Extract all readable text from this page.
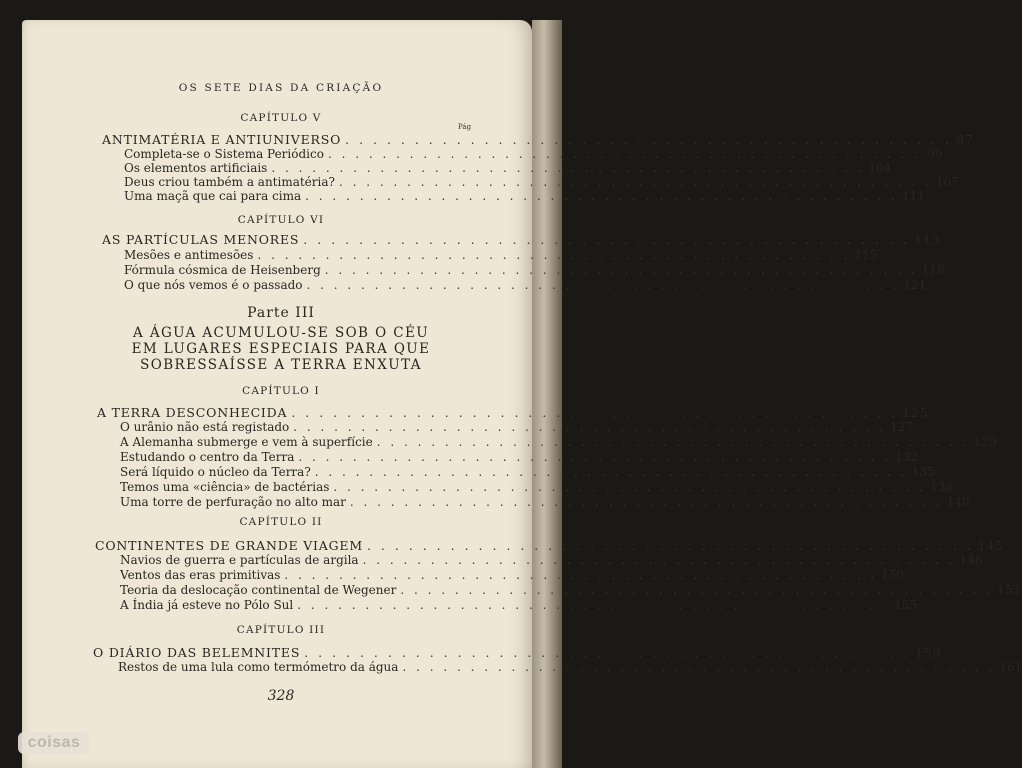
OS SETE DIAS DA CRIAÇÃO
Pág
CAPÍTULO V
ANTIMATÉRIA E ANTIUNIVERSO . . . . . . . . . . . . . . . . . . . . . . . . . . . . . . . . . . . . . . . . . . . . 97
Completa-se o Sistema Periódico . . . . . . . . . . . . . . . . . . . . . . . . . . . . . . . . . . . . . . . . . . . . 99
Os elementos artificiais . . . . . . . . . . . . . . . . . . . . . . . . . . . . . . . . . . . . . . . . . . . . 104
Deus criou também a antimatéria? . . . . . . . . . . . . . . . . . . . . . . . . . . . . . . . . . . . . . . . . . . . . 107
Uma maçã que cai para cima . . . . . . . . . . . . . . . . . . . . . . . . . . . . . . . . . . . . . . . . . . . . 111
CAPÍTULO VI
AS PARTÍCULAS MENORES . . . . . . . . . . . . . . . . . . . . . . . . . . . . . . . . . . . . . . . . . . . . 113
Mesões e antimesões . . . . . . . . . . . . . . . . . . . . . . . . . . . . . . . . . . . . . . . . . . . . 115
Fórmula cósmica de Heisenberg . . . . . . . . . . . . . . . . . . . . . . . . . . . . . . . . . . . . . . . . . . . . 118
O que nós vemos é o passado . . . . . . . . . . . . . . . . . . . . . . . . . . . . . . . . . . . . . . . . . . . . 121
Parte III
A ÁGUA ACUMULOU-SE SOB O CÉU
EM LUGARES ESPECIAIS PARA QUE
SOBRESSAÍSSE A TERRA ENXUTA
CAPÍTULO I
A TERRA DESCONHECIDA . . . . . . . . . . . . . . . . . . . . . . . . . . . . . . . . . . . . . . . . . . . . 125
O urânio não está registado . . . . . . . . . . . . . . . . . . . . . . . . . . . . . . . . . . . . . . . . . . . . 127
A Alemanha submerge e vem à superfície . . . . . . . . . . . . . . . . . . . . . . . . . . . . . . . . . . . . . . . . . . . . 129
Estudando o centro da Terra . . . . . . . . . . . . . . . . . . . . . . . . . . . . . . . . . . . . . . . . . . . . 132
Será líquido o núcleo da Terra? . . . . . . . . . . . . . . . . . . . . . . . . . . . . . . . . . . . . . . . . . . . . 135
Temos uma «ciência» de bactérias . . . . . . . . . . . . . . . . . . . . . . . . . . . . . . . . . . . . . . . . . . . . 138
Uma torre de perfuração no alto mar . . . . . . . . . . . . . . . . . . . . . . . . . . . . . . . . . . . . . . . . . . . . 140
CAPÍTULO II
CONTINENTES DE GRANDE VIAGEM . . . . . . . . . . . . . . . . . . . . . . . . . . . . . . . . . . . . . . . . . . . . 145
Navios de guerra e partículas de argila . . . . . . . . . . . . . . . . . . . . . . . . . . . . . . . . . . . . . . . . . . . . 148
Ventos das eras primitivas . . . . . . . . . . . . . . . . . . . . . . . . . . . . . . . . . . . . . . . . . . . . 150
Teoria da deslocação continental de Wegener . . . . . . . . . . . . . . . . . . . . . . . . . . . . . . . . . . . . . . . . . . . . 152
A Índia já esteve no Pólo Sul . . . . . . . . . . . . . . . . . . . . . . . . . . . . . . . . . . . . . . . . . . . . 155
CAPÍTULO III
O DIÁRIO DAS BELEMNITES . . . . . . . . . . . . . . . . . . . . . . . . . . . . . . . . . . . . . . . . . . . . 159
Restos de uma lula como termómetro da água . . . . . . . . . . . . . . . . . . . . . . . . . . . . . . . . . . . . . . . . . . . . 161
328
coisas
